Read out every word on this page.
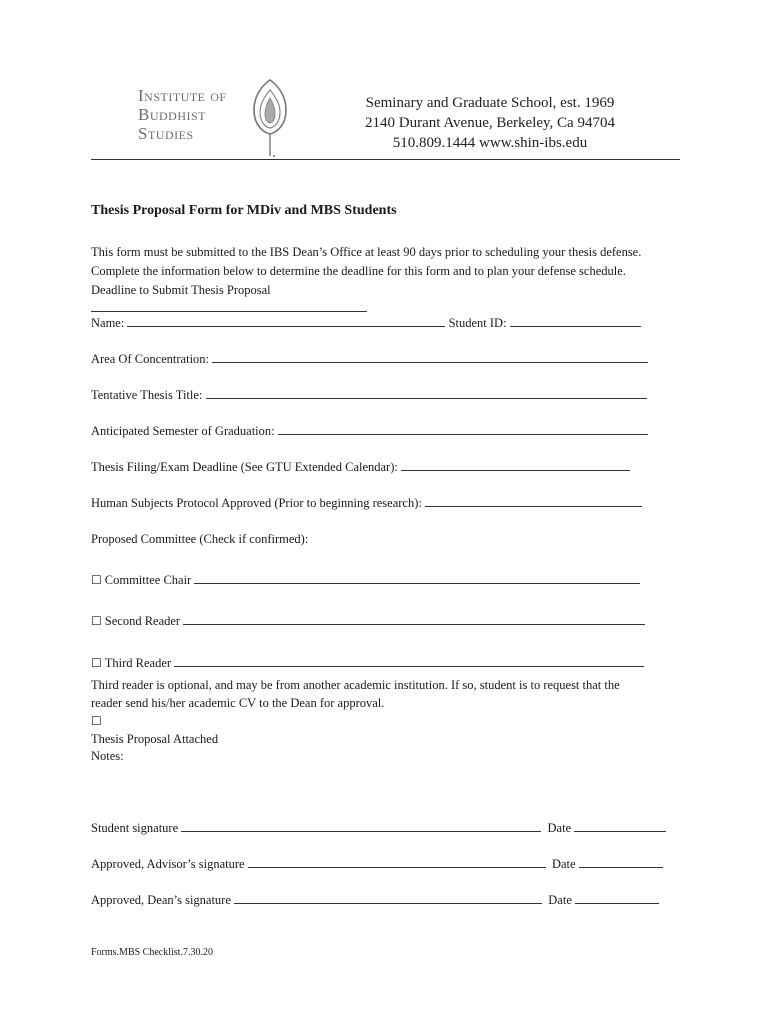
Institute of
Buddhist
Studies
Seminary and Graduate School, est. 1969
2140 Durant Avenue, Berkeley, Ca 94704
510.809.1444 www.shin-ibs.edu
Thesis Proposal Form for MDiv and MBS Students
This form must be submitted to the IBS Dean’s Office at least 90 days prior to scheduling your thesis defense.
Complete the information below to determine the deadline for this form and to plan your defense schedule.
Deadline to Submit Thesis Proposal
Name:	Student ID:
Area Of Concentration:
Tentative Thesis Title:
Anticipated Semester of Graduation:
Thesis Filing/Exam Deadline (See GTU Extended Calendar):
Human Subjects Protocol Approved (Prior to beginning research):
Proposed Committee (Check if confirmed):
☐ Committee Chair
☐ Second Reader
☐ Third Reader
Third reader is optional, and may be from another academic institution. If so, student is to request that the
reader send his/her academic CV to the Dean for approval.
☐
Thesis Proposal Attached
Notes:
Student signature	Date
Approved, Advisor’s signature	Date
Approved, Dean’s signature	Date
Forms.MBS Checklist.7.30.20
